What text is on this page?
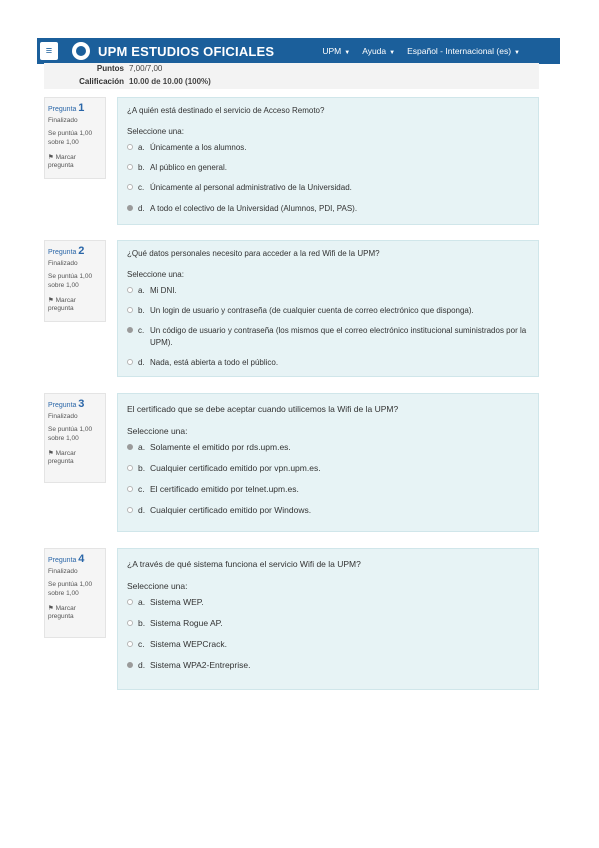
≡	UPM ESTUDIOS OFICIALES	UPM ▼ Ayuda ▼ Español - Internacional (es) ▼
Puntos 7,00/7,00
Calificación 10.00 de 10.00 (100%)
Pregunta 1
Finalizado
Se puntúa 1,00 sobre 1,00
⚑ Marcar pregunta
¿A quién está destinado el servicio de Acceso Remoto?
Seleccione una:
a. Únicamente a los alumnos.
b. Al público en general.
c. Únicamente al personal administrativo de la Universidad.
d. A todo el colectivo de la Universidad (Alumnos, PDI, PAS).
Pregunta 2
Finalizado
Se puntúa 1,00 sobre 1,00
⚑ Marcar pregunta
¿Qué datos personales necesito para acceder a la red Wifi de la UPM?
Seleccione una:
a. Mi DNI.
b. Un login de usuario y contraseña (de cualquier cuenta de correo electrónico que disponga).
c. Un código de usuario y contraseña (los mismos que el correo electrónico institucional suministrados por la UPM).
d. Nada, está abierta a todo el público.
Pregunta 3
Finalizado
Se puntúa 1,00 sobre 1,00
⚑ Marcar pregunta
El certificado que se debe aceptar cuando utilicemos la Wifi de la UPM?
Seleccione una:
a. Solamente el emitido por rds.upm.es.
b. Cualquier certificado emitido por vpn.upm.es.
c. El certificado emitido por telnet.upm.es.
d. Cualquier certificado emitido por Windows.
Pregunta 4
Finalizado
Se puntúa 1,00 sobre 1,00
⚑ Marcar pregunta
¿A través de qué sistema funciona el servicio Wifi de la UPM?
Seleccione una:
a. Sistema WEP.
b. Sistema Rogue AP.
c. Sistema WEPCrack.
d. Sistema WPA2-Entreprise.
